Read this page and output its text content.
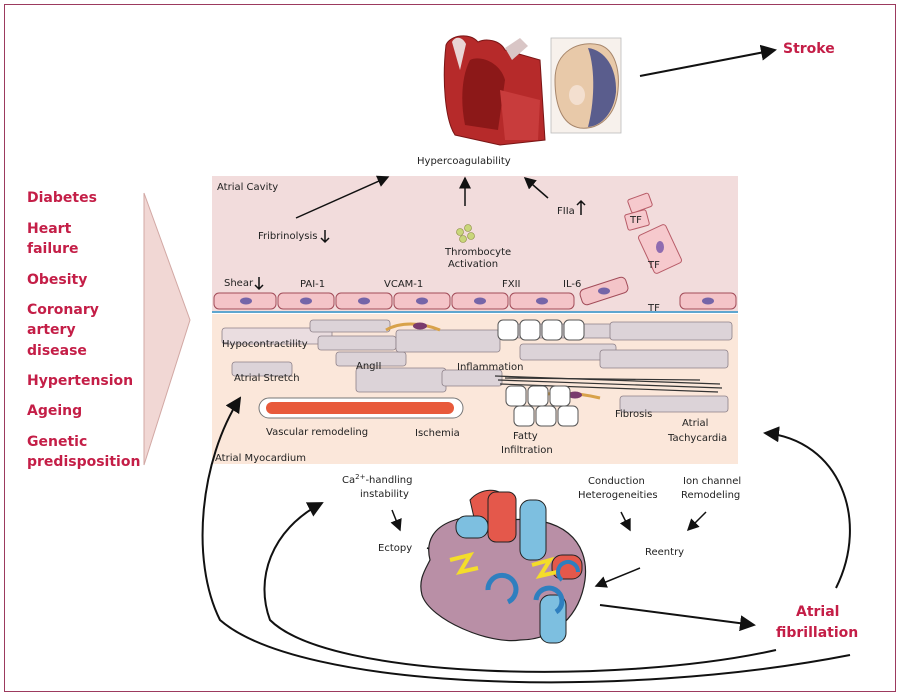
Diabetes
Heart
failure
Obesity
Coronary
artery
disease
Hypertension
Ageing
Genetic
predisposition
Stroke
Hypercoagulability
Atrial Cavity
Fribrinolysis
Thrombocyte
Activation
FIIa
TF
TF
Shear	PAI-1	VCAM-1	FXII	IL-6
TF
Atrial Myocardium
Hypocontractility
Atrial Stretch
AngII	Inflammation
Vascular remodeling	Ischemia	Fatty
Infiltration
Fibrosis
Atrial
Tachycardia
$Ca^{2+}$-handling
instability
Ectopy
Conduction
Heterogeneities
Ion channel
Remodeling
Reentry
Atrial
fibrillation
